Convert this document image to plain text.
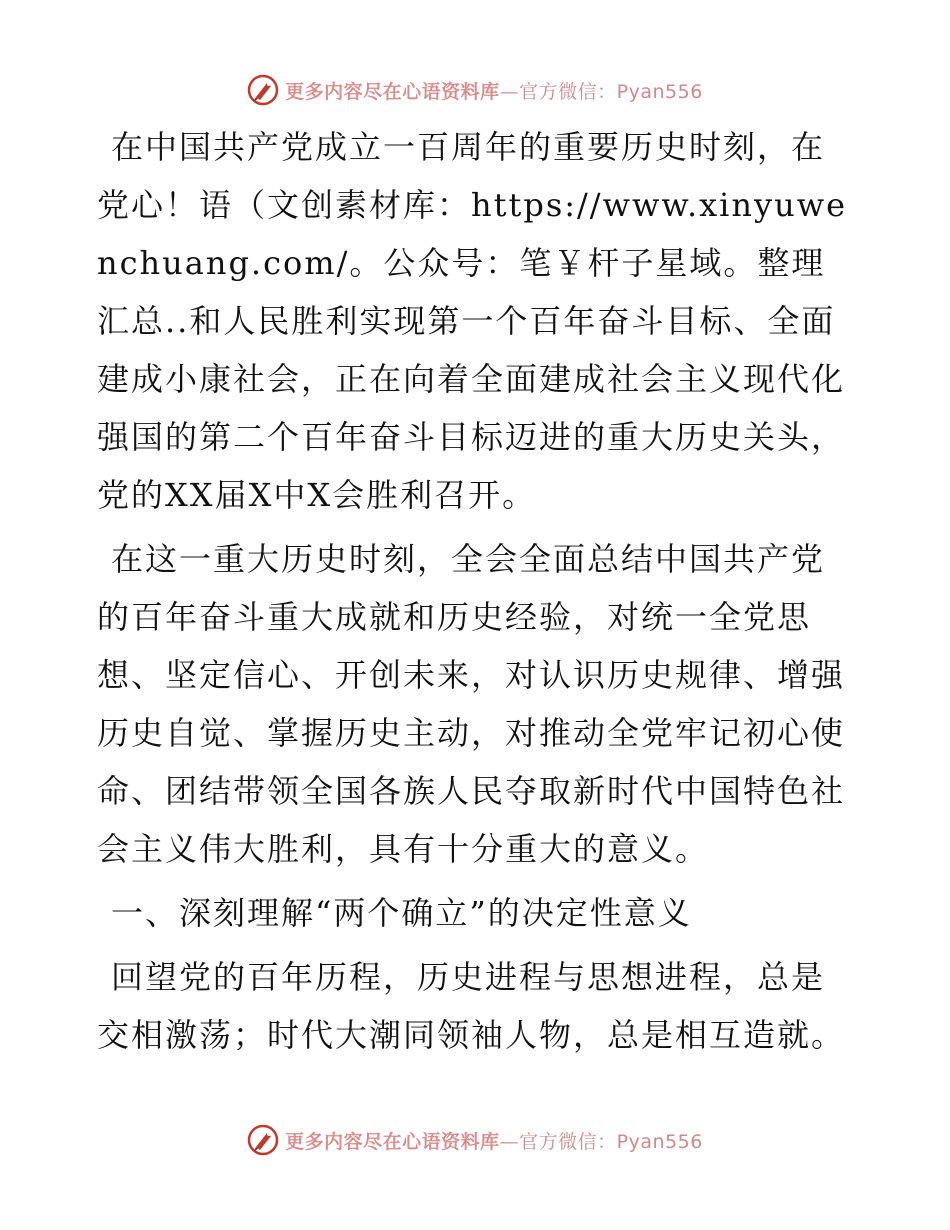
更多内容尽在心语资料库—官方微信：Pyan556

在中国共产党成立一百周年的重要历史时刻，在党心！语（文创素材库：https://www.xinyuwenchuang.com/。公众号：笔￥杆子星域。整理汇总..和人民胜利实现第一个百年奋斗目标、全面建成小康社会，正在向着全面建成社会主义现代化强国的第二个百年奋斗目标迈进的重大历史关头，党的XX届X中X会胜利召开。

在这一重大历史时刻，全会全面总结中国共产党的百年奋斗重大成就和历史经验，对统一全党思想、坚定信心、开创未来，对认识历史规律、增强历史自觉、掌握历史主动，对推动全党牢记初心使命、团结带领全国各族人民夺取新时代中国特色社会主义伟大胜利，具有十分重大的意义。

一、深刻理解“两个确立”的决定性意义

回望党的百年历程，历史进程与思想进程，总是交相激荡；时代大潮同领袖人物，总是相互造就。

更多内容尽在心语资料库—官方微信：Pyan556
